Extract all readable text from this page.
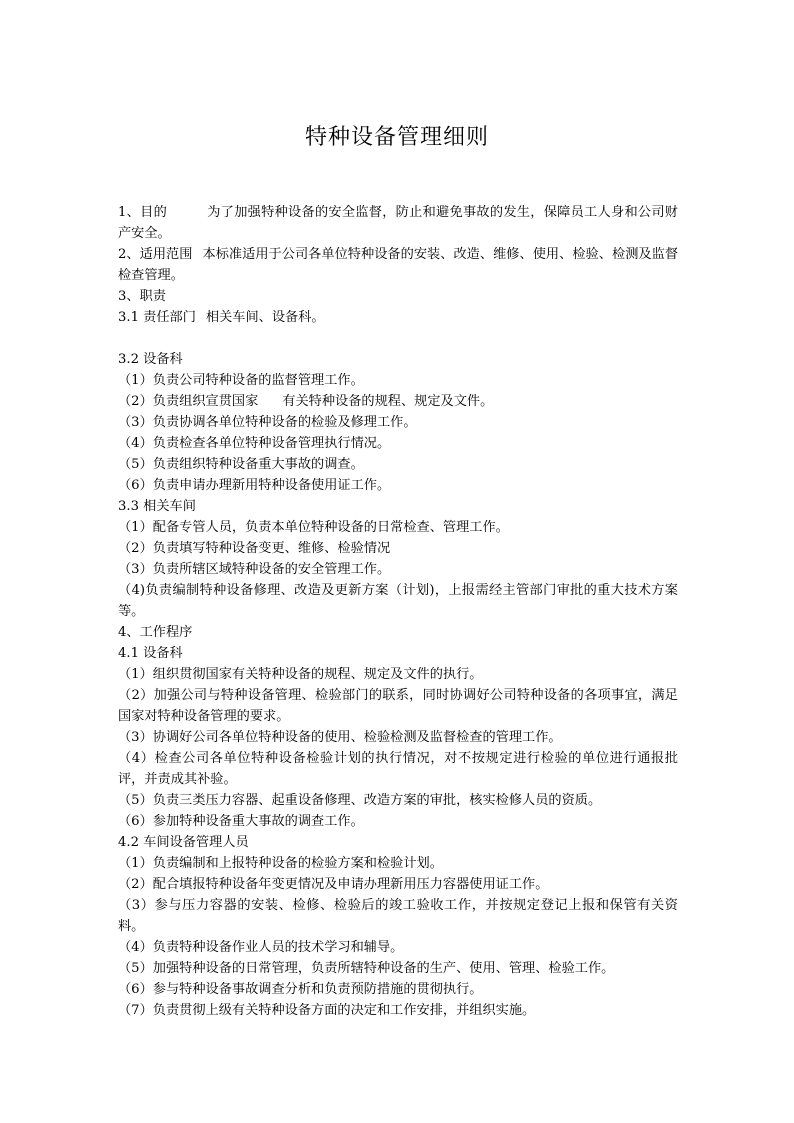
特种设备管理细则
1、目的	为了加强特种设备的安全监督，防止和避免事故的发生，保障员工人身和公司财产安全。
2、适用范围 本标准适用于公司各单位特种设备的安装、改造、维修、使用、检验、检测及监督检查管理。
3、职责
3.1 责任部门 相关车间、设备科。
3.2 设备科
（1）负责公司特种设备的监督管理工作。
（2）负责组织宣贯国家 有关特种设备的规程、规定及文件。
（3）负责协调各单位特种设备的检验及修理工作。
（4）负责检查各单位特种设备管理执行情况。
（5）负责组织特种设备重大事故的调查。
（6）负责申请办理新用特种设备使用证工作。
3.3 相关车间
（1）配备专管人员，负责本单位特种设备的日常检查、管理工作。
（2）负责填写特种设备变更、维修、检验情况
（3）负责所辖区域特种设备的安全管理工作。
（4)负责编制特种设备修理、改造及更新方案（计划)，上报需经主管部门审批的重大技术方案等。
4、工作程序
4.1 设备科
（1）组织贯彻国家有关特种设备的规程、规定及文件的执行。
（2）加强公司与特种设备管理、检验部门的联系，同时协调好公司特种设备的各项事宜，满足国家对特种设备管理的要求。
（3）协调好公司各单位特种设备的使用、检验检测及监督检查的管理工作。
（4）检查公司各单位特种设备检验计划的执行情况，对不按规定进行检验的单位进行通报批评，并责成其补验。
（5）负责三类压力容器、起重设备修理、改造方案的审批，核实检修人员的资质。
（6）参加特种设备重大事故的调查工作。
4.2 车间设备管理人员
（1）负责编制和上报特种设备的检验方案和检验计划。
（2）配合填报特种设备年变更情况及申请办理新用压力容器使用证工作。
（3）参与压力容器的安装、检修、检验后的竣工验收工作，并按规定登记上报和保管有关资料。
（4）负责特种设备作业人员的技术学习和辅导。
（5）加强特种设备的日常管理，负责所辖特种设备的生产、使用、管理、检验工作。
（6）参与特种设备事故调查分析和负责预防措施的贯彻执行。
（7）负责贯彻上级有关特种设备方面的决定和工作安排，并组织实施。
